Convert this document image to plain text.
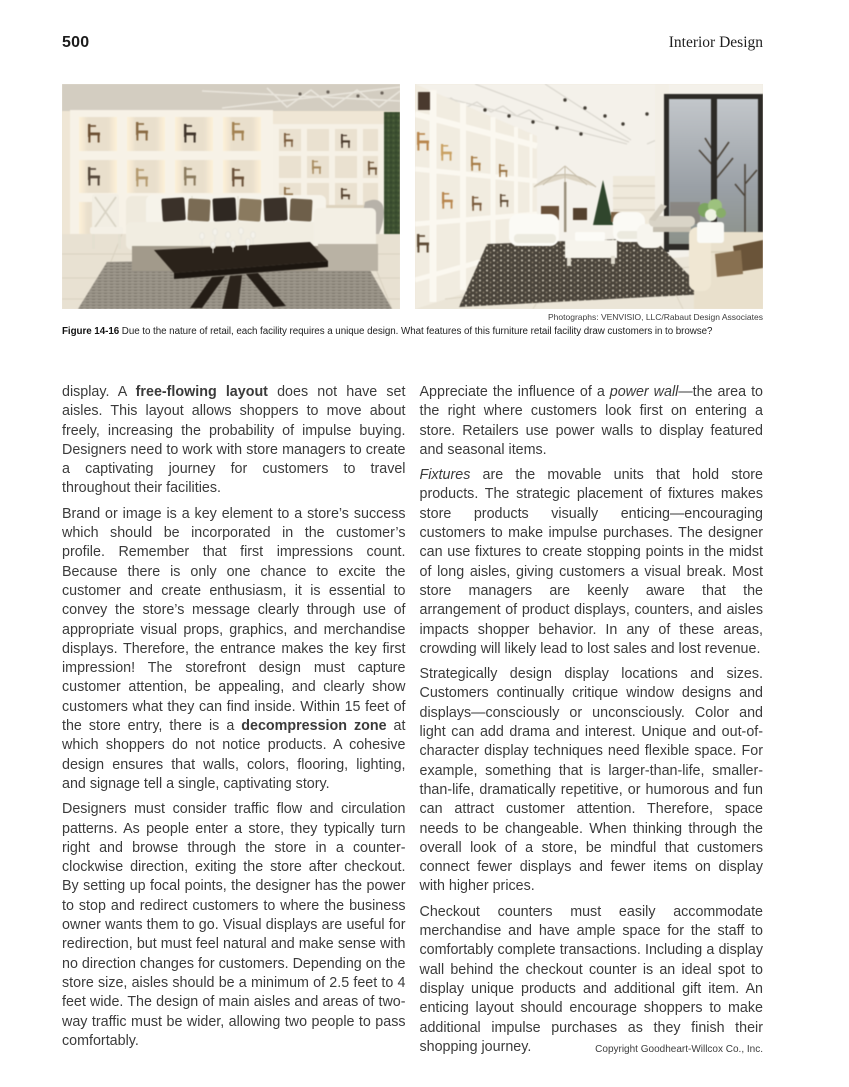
500	Interior Design
Photographs: VENVISIO, LLC/Rabaut Design Associates
Figure 14-16 Due to the nature of retail, each facility requires a unique design. What features of this furniture retail facility draw customers in to browse?

display. A free-flowing layout does not have set aisles. This layout allows shoppers to move about freely, increasing the probability of impulse buying. Designers need to work with store managers to create a captivating journey for customers to travel throughout their facilities.

Brand or image is a key element to a store’s success which should be incorporated in the customer’s profile. Remember that first impressions count. Because there is only one chance to excite the customer and create enthusiasm, it is essential to convey the store’s message clearly through use of appropriate visual props, graphics, and merchandise displays. Therefore, the entrance makes the key first impression! The storefront design must capture customer attention, be appealing, and clearly show customers what they can find inside. Within 15 feet of the store entry, there is a decompression zone at which shoppers do not notice products. A cohesive design ensures that walls, colors, flooring, lighting, and signage tell a single, captivating story.

Designers must consider traffic flow and circulation patterns. As people enter a store, they typically turn right and browse through the store in a counter-clockwise direction, exiting the store after checkout. By setting up focal points, the designer has the power to stop and redirect customers to where the business owner wants them to go. Visual displays are useful for redirection, but must feel natural and make sense with no direction changes for customers. Depending on the store size, aisles should be a minimum of 2.5 feet to 4 feet wide. The design of main aisles and areas of two-way traffic must be wider, allowing two people to pass comfortably.

Appreciate the influence of a power wall—the area to the right where customers look first on entering a store. Retailers use power walls to display featured and seasonal items.

Fixtures are the movable units that hold store products. The strategic placement of fixtures makes store products visually enticing—encouraging customers to make impulse purchases. The designer can use fixtures to create stopping points in the midst of long aisles, giving customers a visual break. Most store managers are keenly aware that the arrangement of product displays, counters, and aisles impacts shopper behavior. In any of these areas, crowding will likely lead to lost sales and lost revenue.

Strategically design display locations and sizes. Customers continually critique window designs and displays—consciously or unconsciously. Color and light can add drama and interest. Unique and out-of-character display techniques need flexible space. For example, something that is larger-than-life, smaller-than-life, dramatically repetitive, or humorous and fun can attract customer attention. Therefore, space needs to be changeable. When thinking through the overall look of a store, be mindful that customers connect fewer displays and fewer items on display with higher prices.

Checkout counters must easily accommodate merchandise and have ample space for the staff to comfortably complete transactions. Including a display wall behind the checkout counter is an ideal spot to display unique products and additional gift item. An enticing layout should encourage shoppers to make additional impulse purchases as they finish their shopping journey.	Copyright Goodheart-Willcox Co., Inc.
